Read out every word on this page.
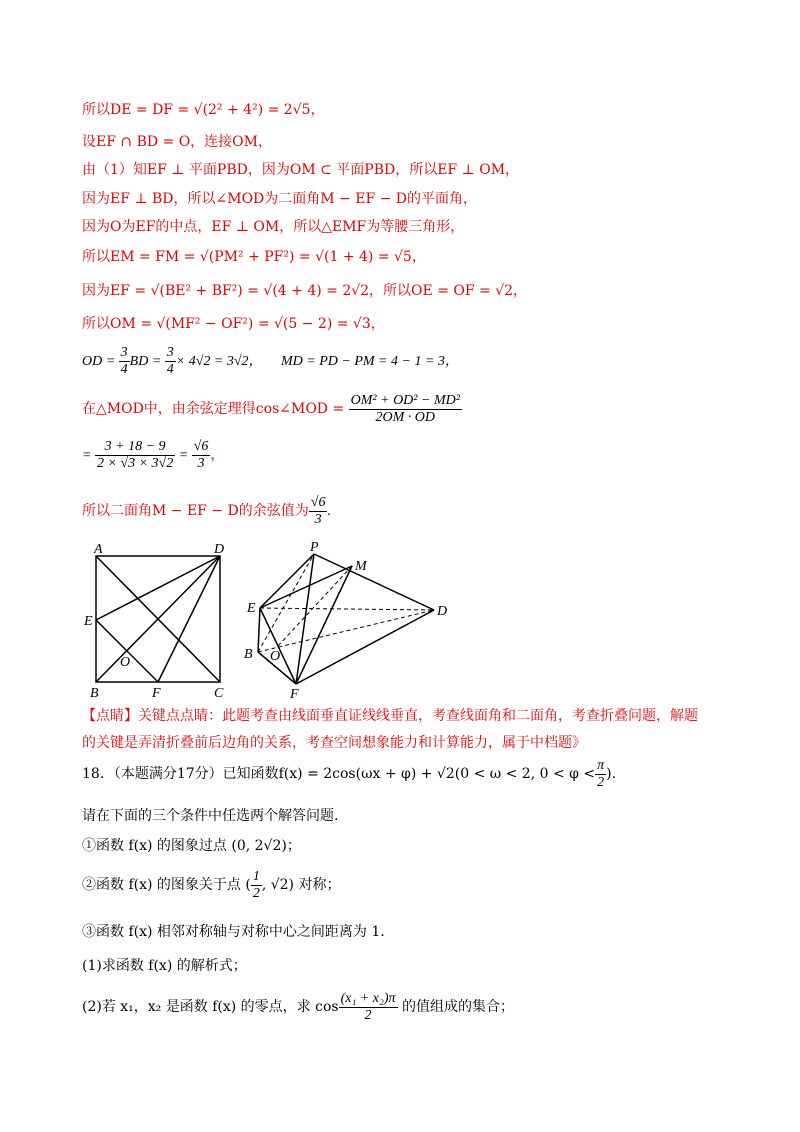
所以DE = DF = √(2² + 4²) = 2√5，
设EF ∩ BD = O，连接OM，
由（1）知EF ⊥ 平面PBD，因为OM ⊂ 平面PBD，所以EF ⊥ OM，
因为EF ⊥ BD，所以∠MOD为二面角M − EF − D的平面角，
因为O为EF的中点，EF ⊥ OM，所以△EMF为等腰三角形，
所以EM = FM = √(PM² + PF²) = √(1 + 4) = √5，
因为EF = √(BE² + BF²) = √(4 + 4) = 2√2，所以OE = OF = √2，
所以OM = √(MF² − OF²) = √(5 − 2) = √3，
OD = $\frac{3}{4}$ BD = $\frac{3}{4} \times 4√2 = 3√2$， MD = PD − PM = 4 − 1 = 3，
在△MOD中，由余弦定理得cos∠MOD = $\frac{\text{OM² + OD² − MD²}}{2OM \cdot OD}$
= $\frac{3 + 18 - 9}{2 \times √3 \times 3√2} = \frac{√6}{3}$ ，
所以二面角M − EF − D的余弦值为 $\frac{√6}{3}$ .
A	D
E
O
B	F	C
P
M
E	D
B O
F
【点睛】关键点点睛：此题考查由线面垂直证线线垂直，考查线面角和二面角，考查折叠问题，解题
的关键是弄清折叠前后边角的关系，考查空间想象能力和计算能力，属于中档题》
18．（本题满分17分）已知函数f(x) = 2cos(ωx + φ) + √2(0 < ω < 2, $0 < \varphi < \frac{\pi}{2}$ ).
请在下面的三个条件中任选两个解答问题.
①函数 f(x) 的图象过点 (0, 2√2)；
②函数 f(x) 的图象关于点 ( $\frac{1}{2}$ , √2) 对称；
③函数 f(x) 相邻对称轴与对称中心之间距离为 1.
(1)求函数 f(x) 的解析式；
(2)若 x₁，x₂ 是函数 f(x) 的零点，求 $\cos \frac{\text{(x₁ + x₂)π}}{2}$ 的值组成的集合；
